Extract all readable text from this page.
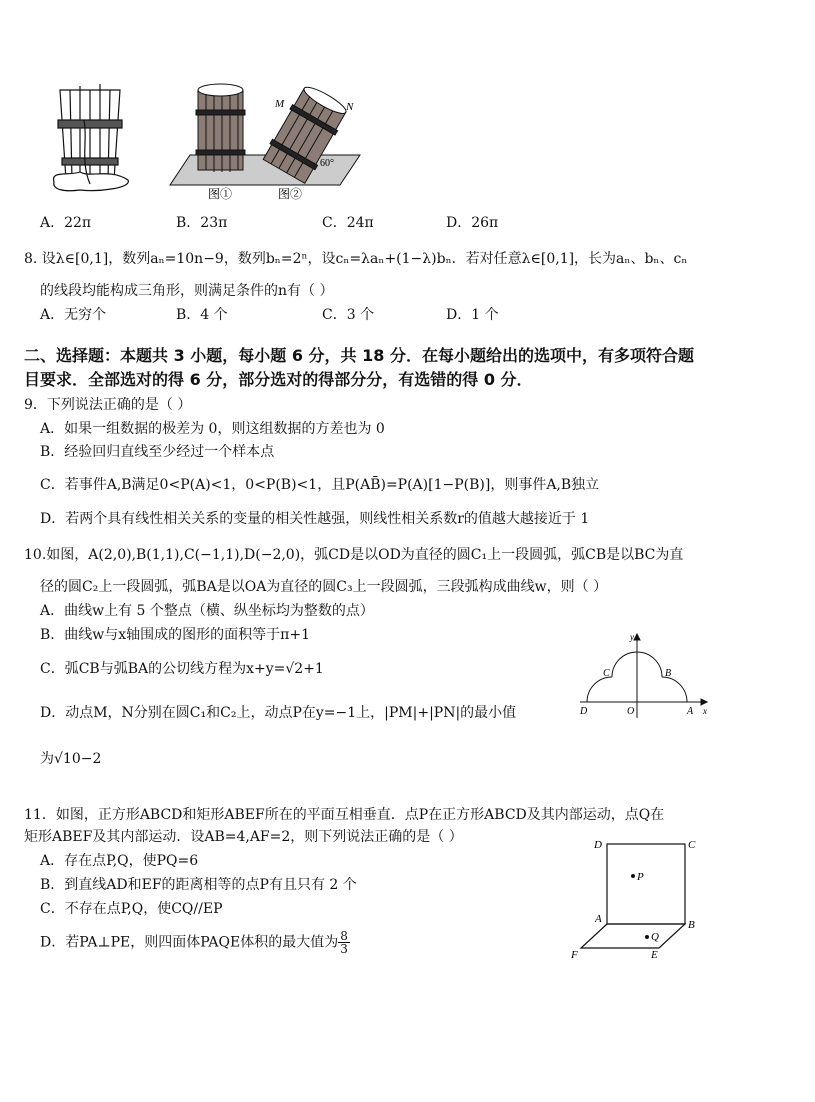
M	N
60°
图①	图②
A．22π	B．23π	C．24π	D．26π
8. 设λ∈[0,1]，数列aₙ=10n−9，数列bₙ=2ⁿ，设cₙ=λaₙ+(1−λ)bₙ．若对任意λ∈[0,1]，长为aₙ、bₙ、cₙ
的线段均能构成三角形，则满足条件的n有（ ）
A．无穷个	B．4 个	C．3 个	D．1 个
二、选择题：本题共 3 小题，每小题 6 分，共 18 分．在每小题给出的选项中，有多项符合题
目要求．全部选对的得 6 分，部分选对的得部分分，有选错的得 0 分．
9．下列说法正确的是（ ）
A．如果一组数据的极差为 0，则这组数据的方差也为 0
B．经验回归直线至少经过一个样本点
C．若事件A,B满足0<P(A)<1，0<P(B)<1，且P(AB̄)=P(A)[1−P(B)]，则事件A,B独立
D．若两个具有线性相关关系的变量的相关性越强，则线性相关系数r的值越大越接近于 1
10.如图，A(2,0),B(1,1),C(−1,1),D(−2,0)，弧CD是以OD为直径的圆C₁上一段圆弧，弧CB是以BC为直
径的圆C₂上一段圆弧，弧BA是以OA为直径的圆C₃上一段圆弧，三段弧构成曲线w，则（ ）
A．曲线w上有 5 个整点（横、纵坐标均为整数的点）
B．曲线w与x轴围成的图形的面积等于π+1
C．弧CB与弧BA的公切线方程为x+y=√2+1
D．动点M，N分别在圆C₁和C₂上，动点P在y=−1上，|PM|+|PN|的最小值
为√10−2
y
x
C	B
D	O	A
11．如图，正方形ABCD和矩形ABEF所在的平面互相垂直．点P在正方形ABCD及其内部运动，点Q在
矩形ABEF及其内部运动．设AB=4,AF=2，则下列说法正确的是（ ）
A．存在点P,Q，使PQ=6
B．到直线AD和EF的距离相等的点P有且只有 2 个
C．不存在点P,Q，使CQ//EP
D．若PA⊥PE，则四面体PAQE体积的最大值为 $\frac{8}{3}$
D	C
P
A	B
Q
F	E
